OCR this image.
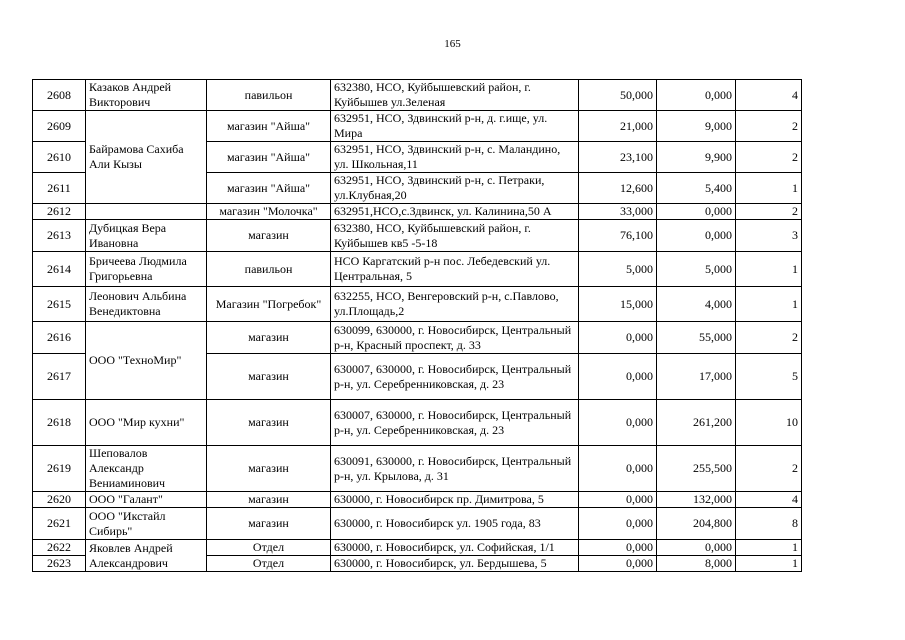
165
2608	Казаков Андрей Викторович	павильон	632380, НСО, Куйбышевский район, г. Куйбышев ул.Зеленая	50,000	0,000	4
2609	Байрамова Сахиба Али Кызы	магазин "Айша"	632951, НСО, Здвинский р-н, д. г.ище, ул. Мира	21,000	9,000	2
2610		магазин "Айша"	632951, НСО, Здвинский р-н, с. Маландино, ул. Школьная,11	23,100	9,900	2
2611		магазин "Айша"	632951, НСО, Здвинский р-н, с. Петраки, ул.Клубная,20	12,600	5,400	1
2612		магазин "Молочка"	632951,НСО,с.Здвинск, ул. Калинина,50 А	33,000	0,000	2
2613	Дубицкая Вера Ивановна	магазин	632380, НСО, Куйбышевский район, г. Куйбышев кв5 -5-18	76,100	0,000	3
2614	Бричеева Людмила Григорьевна	павильон	НСО Каргатский р-н пос. Лебедевский ул. Центральная, 5	5,000	5,000	1
2615	Леонович Альбина Венедиктовна	Магазин "Погребок"	632255, НСО, Венгеровский р-н, с.Павлово, ул.Площадь,2	15,000	4,000	1
2616	ООО "ТехноМир"	магазин	630099, 630000, г. Новосибирск, Центральный р-н, Красный проспект, д. 33	0,000	55,000	2
2617		магазин	630007, 630000, г. Новосибирск, Центральный р-н, ул. Серебренниковская, д. 23	0,000	17,000	5
2618	ООО "Мир кухни"	магазин	630007, 630000, г. Новосибирск, Центральный р-н, ул. Серебренниковская, д. 23	0,000	261,200	10
2619	Шеповалов Александр Вениаминович	магазин	630091, 630000, г. Новосибирск, Центральный р-н, ул. Крылова, д. 31	0,000	255,500	2
2620	ООО "Галант"	магазин	630000, г. Новосибирск пр. Димитрова, 5	0,000	132,000	4
2621	ООО "Икстайл Сибирь"	магазин	630000, г. Новосибирск ул. 1905 года, 83	0,000	204,800	8
2622	Яковлев Андрей Александрович	Отдел	630000, г. Новосибирск, ул. Софийская, 1/1	0,000	0,000	1
2623		Отдел	630000, г. Новосибирск, ул. Бердышева, 5	0,000	8,000	1
